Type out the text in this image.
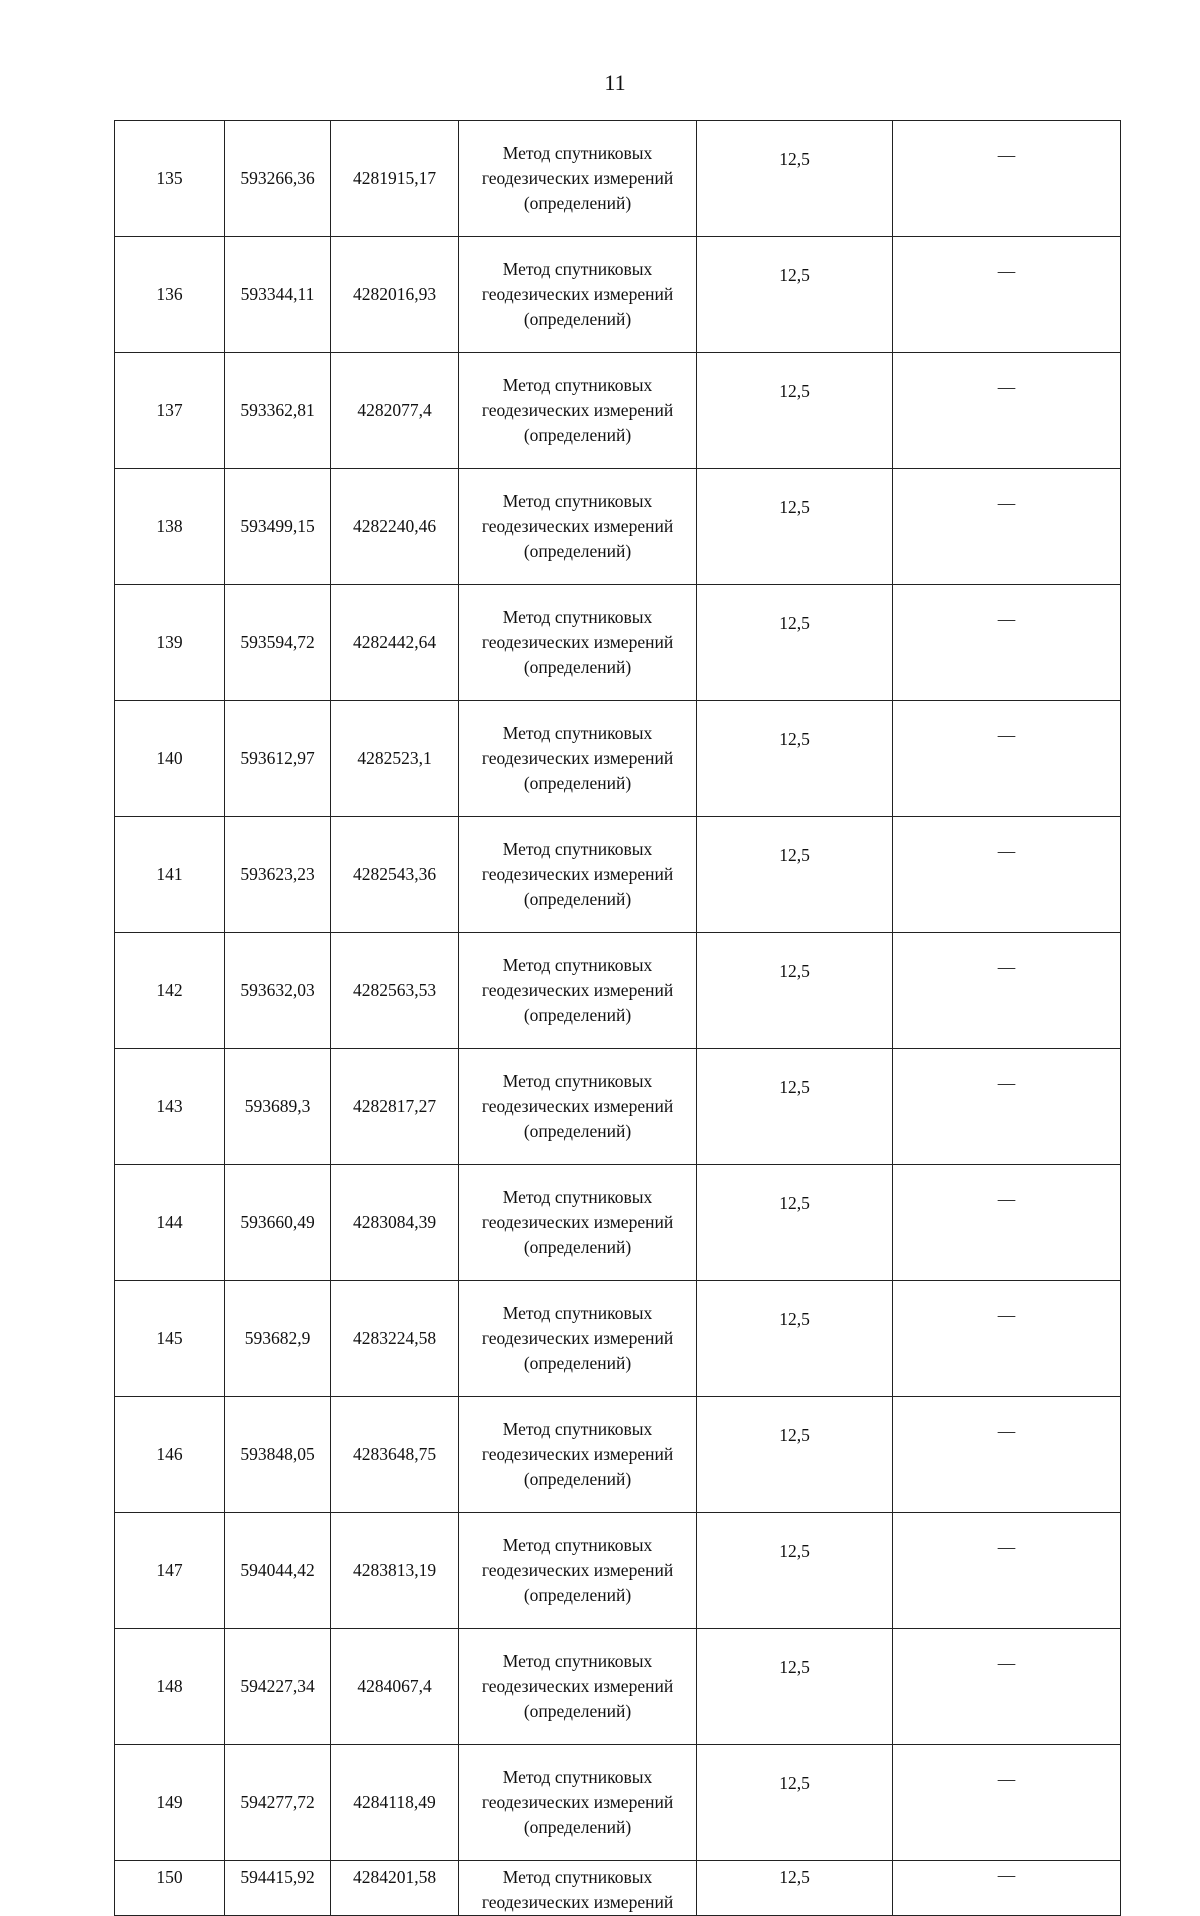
11
135	593266,36	4281915,17	Метод спутниковых
геодезических измерений
(определений)	12,5	—
136	593344,11	4282016,93	Метод спутниковых
геодезических измерений
(определений)	12,5	—
137	593362,81	4282077,4	Метод спутниковых
геодезических измерений
(определений)	12,5	—
138	593499,15	4282240,46	Метод спутниковых
геодезических измерений
(определений)	12,5	—
139	593594,72	4282442,64	Метод спутниковых
геодезических измерений
(определений)	12,5	—
140	593612,97	4282523,1	Метод спутниковых
геодезических измерений
(определений)	12,5	—
141	593623,23	4282543,36	Метод спутниковых
геодезических измерений
(определений)	12,5	—
142	593632,03	4282563,53	Метод спутниковых
геодезических измерений
(определений)	12,5	—
143	593689,3	4282817,27	Метод спутниковых
геодезических измерений
(определений)	12,5	—
144	593660,49	4283084,39	Метод спутниковых
геодезических измерений
(определений)	12,5	—
145	593682,9	4283224,58	Метод спутниковых
геодезических измерений
(определений)	12,5	—
146	593848,05	4283648,75	Метод спутниковых
геодезических измерений
(определений)	12,5	—
147	594044,42	4283813,19	Метод спутниковых
геодезических измерений
(определений)	12,5	—
148	594227,34	4284067,4	Метод спутниковых
геодезических измерений
(определений)	12,5	—
149	594277,72	4284118,49	Метод спутниковых
геодезических измерений
(определений)	12,5	—
150	594415,92	4284201,58	Метод спутниковых
геодезических измерений	12,5	—
